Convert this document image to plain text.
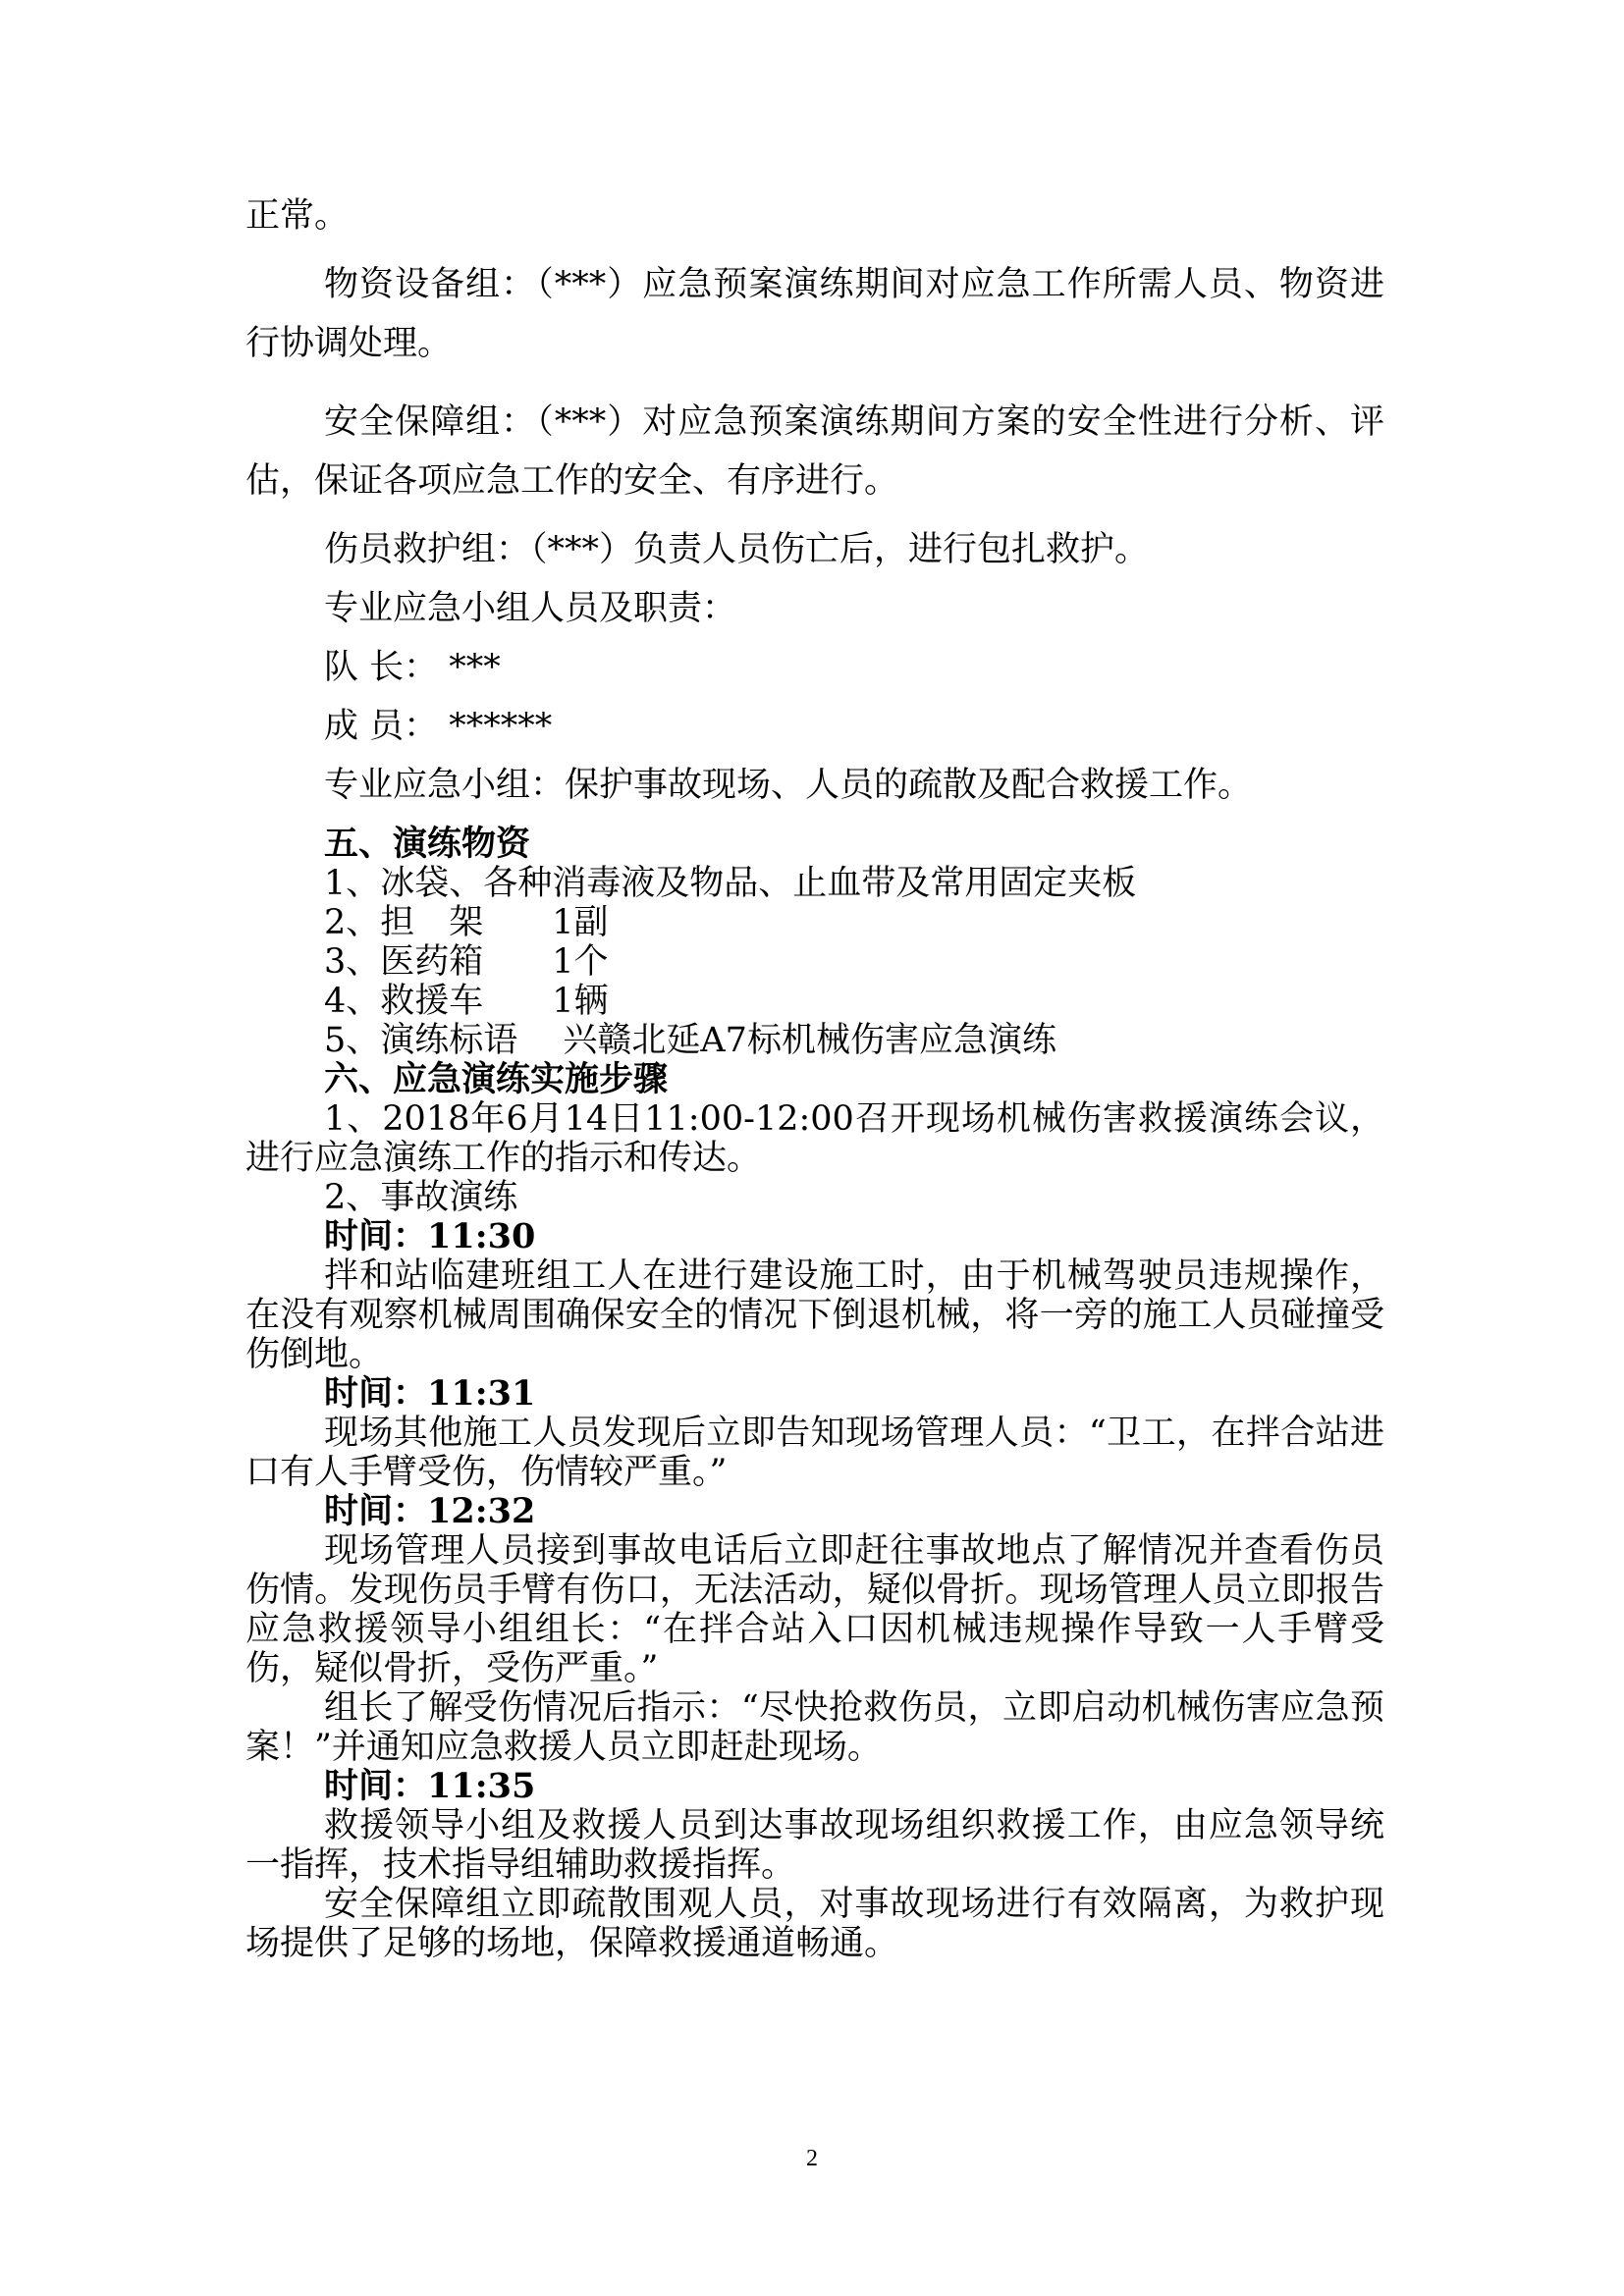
正常。

物资设备组：（***）应急预案演练期间对应急工作所需人员、物资进行协调处理。

安全保障组：（***）对应急预案演练期间方案的安全性进行分析、评估，保证各项应急工作的安全、有序进行。

伤员救护组：（***）负责人员伤亡后，进行包扎救护。

专业应急小组人员及职责：

队 长： ***

成 员： ******

专业应急小组：保护事故现场、人员的疏散及配合救援工作。

五、演练物资

1、冰袋、各种消毒液及物品、止血带及常用固定夹板

2、担　架　　1副

3、医药箱　　1个

4、救援车　　1辆

5、演练标语　 兴赣北延A7标机械伤害应急演练

六、应急演练实施步骤

1、2018年6月14日11:00-12:00召开现场机械伤害救援演练会议，进行应急演练工作的指示和传达。

2、事故演练

时间：11:30

拌和站临建班组工人在进行建设施工时，由于机械驾驶员违规操作，在没有观察机械周围确保安全的情况下倒退机械，将一旁的施工人员碰撞受伤倒地。

时间：11:31

现场其他施工人员发现后立即告知现场管理人员：“卫工，在拌合站进口有人手臂受伤，伤情较严重。”

时间：12:32

现场管理人员接到事故电话后立即赶往事故地点了解情况并查看伤员伤情。发现伤员手臂有伤口，无法活动，疑似骨折。现场管理人员立即报告应急救援领导小组组长：“在拌合站入口因机械违规操作导致一人手臂受伤，疑似骨折，受伤严重。”

组长了解受伤情况后指示：“尽快抢救伤员，立即启动机械伤害应急预案！”并通知应急救援人员立即赶赴现场。

时间：11:35

救援领导小组及救援人员到达事故现场组织救援工作，由应急领导统一指挥，技术指导组辅助救援指挥。

安全保障组立即疏散围观人员，对事故现场进行有效隔离，为救护现场提供了足够的场地，保障救援通道畅通。

2
